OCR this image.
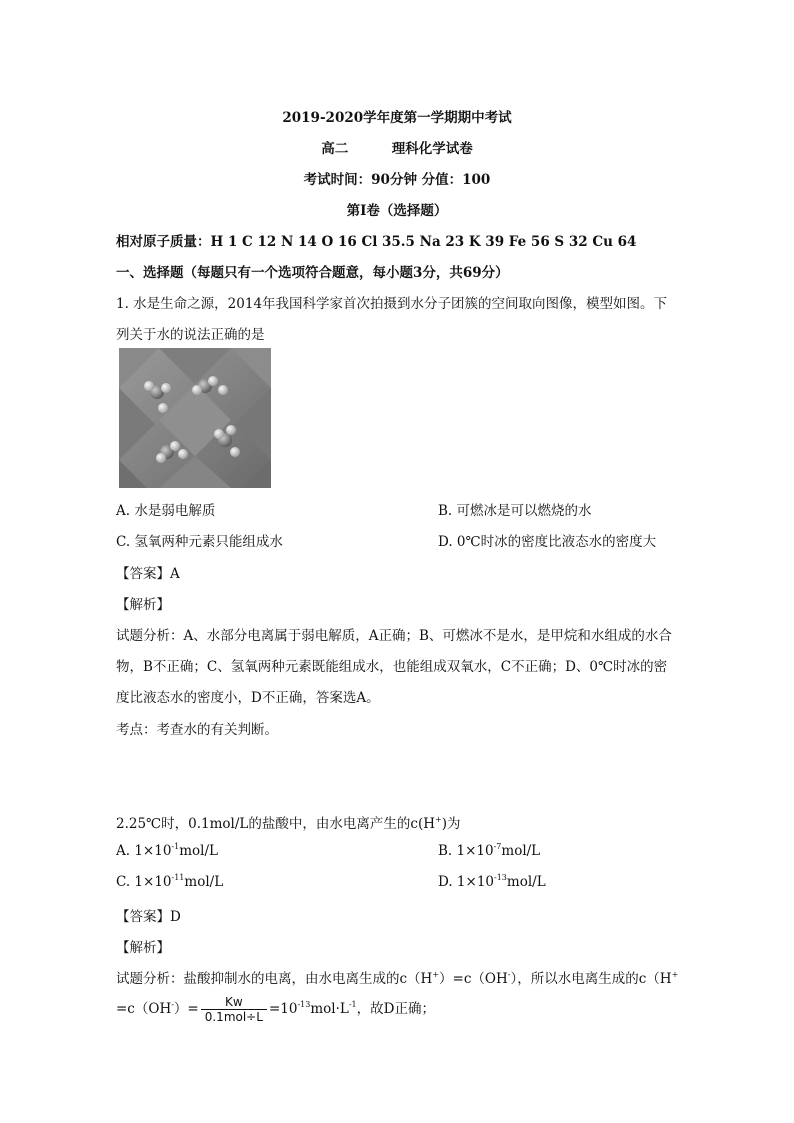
2019-2020学年度第一学期期中考试
高二	理科化学试卷
考试时间：90分钟 分值：100
第Ⅰ卷（选择题）
相对原子质量：H 1 C 12 N 14 O 16 Cl 35.5 Na 23 K 39 Fe 56 S 32 Cu 64
一、选择题（每题只有一个选项符合题意，每小题3分，共69分）
1. 水是生命之源，2014年我国科学家首次拍摄到水分子团簇的空间取向图像，模型如图。下
列关于水的说法正确的是
A. 水是弱电解质	B. 可燃冰是可以燃烧的水
C. 氢氧两种元素只能组成水	D. 0℃时冰的密度比液态水的密度大
【答案】A
【解析】
试题分析：A、水部分电离属于弱电解质，A正确；B、可燃冰不是水，是甲烷和水组成的水合
物，B不正确；C、氢氧两种元素既能组成水，也能组成双氧水，C不正确；D、0℃时冰的密
度比液态水的密度小，D不正确，答案选A。
考点：考查水的有关判断。
2.25℃时，0.1mol/L的盐酸中，由水电离产生的c(H+)为
A. $1\times 10^{-1}mol/L$	B. $1\times 10^{-7}mol/L$
C. $1\times 10^{-11}mol/L$	D. $1\times 10^{-13}mol/L$
【答案】D
【解析】
试题分析：盐酸抑制水的电离，由水电离生成的c（H+）=c（OH-），所以水电离生成的c（H+
$=c(OH^-)= \frac{Kw}{\text{0.1mol÷L}} =10^{-13}mol\cdot L^{-1}$，故D正确；
